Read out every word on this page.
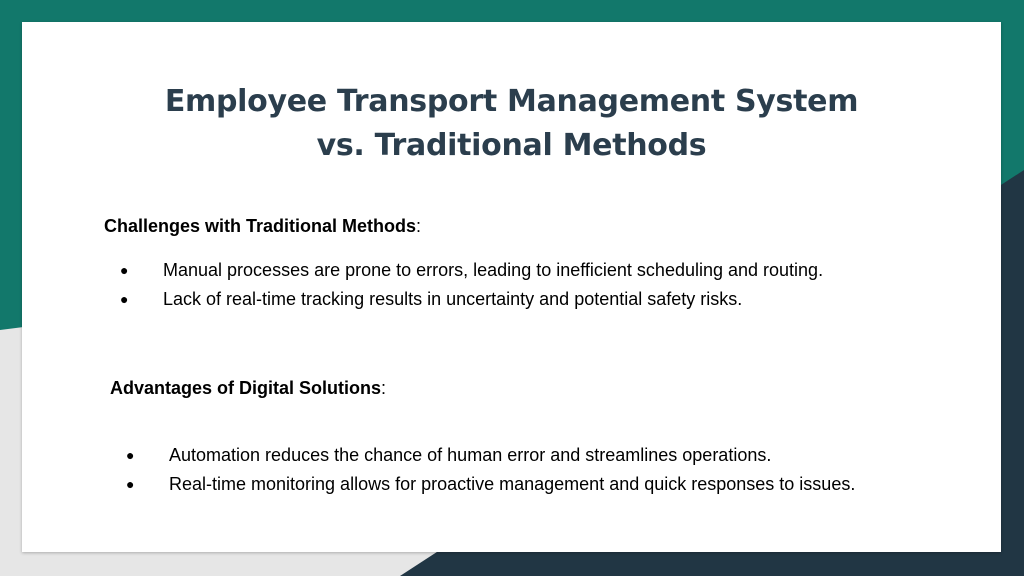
Employee Transport Management System
vs. Traditional Methods

Challenges with Traditional Methods:

● Manual processes are prone to errors, leading to inefficient scheduling and routing.
● Lack of real-time tracking results in uncertainty and potential safety risks.

Advantages of Digital Solutions:

● Automation reduces the chance of human error and streamlines operations.
● Real-time monitoring allows for proactive management and quick responses to issues.
